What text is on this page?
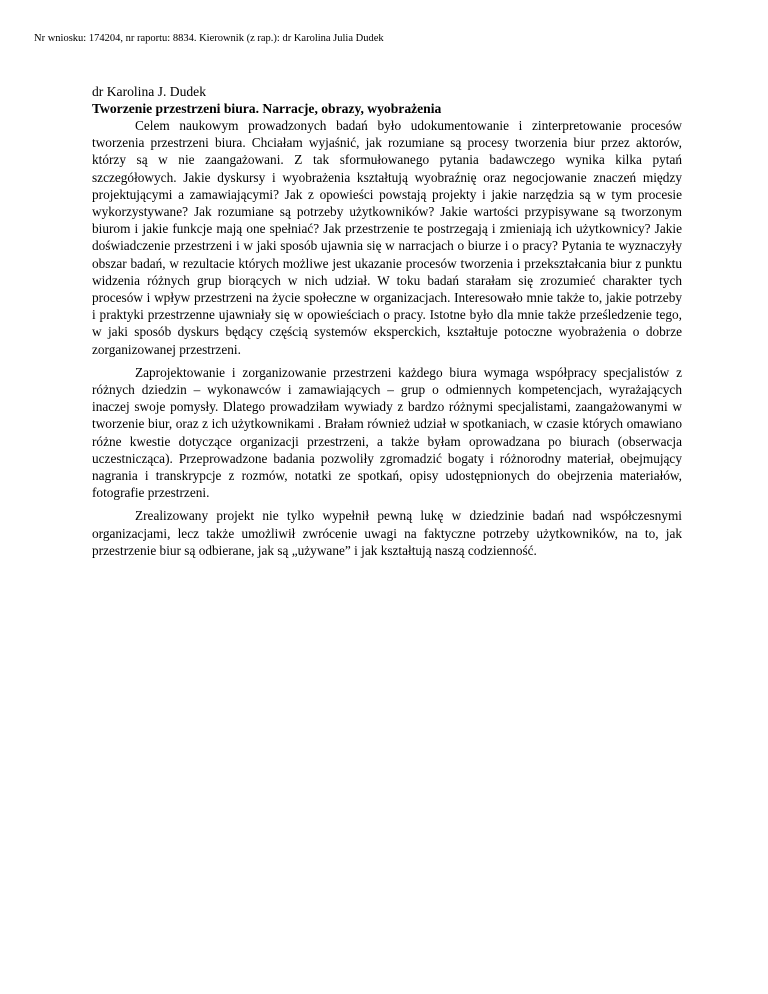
Nr wniosku: 174204, nr raportu: 8834. Kierownik (z rap.): dr Karolina Julia Dudek

dr Karolina J. Dudek

Tworzenie przestrzeni biura. Narracje, obrazy, wyobrażenia

Celem naukowym prowadzonych badań było udokumentowanie i zinterpretowanie procesów tworzenia przestrzeni biura. Chciałam wyjaśnić, jak rozumiane są procesy tworzenia biur przez aktorów, którzy są w nie zaangażowani. Z tak sformułowanego pytania badawczego wynika kilka pytań szczegółowych. Jakie dyskursy i wyobrażenia kształtują wyobraźnię oraz negocjowanie znaczeń między projektującymi a zamawiającymi? Jak z opowieści powstają projekty i jakie narzędzia są w tym procesie wykorzystywane? Jak rozumiane są potrzeby użytkowników? Jakie wartości przypisywane są tworzonym biurom i jakie funkcje mają one spełniać? Jak przestrzenie te postrzegają i zmieniają ich użytkownicy? Jakie doświadczenie przestrzeni i w jaki sposób ujawnia się w narracjach o biurze i o pracy? Pytania te wyznaczyły obszar badań, w rezultacie których możliwe jest ukazanie procesów tworzenia i przekształcania biur z punktu widzenia różnych grup biorących w nich udział. W toku badań starałam się zrozumieć charakter tych procesów i wpływ przestrzeni na życie społeczne w organizacjach. Interesowało mnie także to, jakie potrzeby i praktyki przestrzenne ujawniały się w opowieściach o pracy. Istotne było dla mnie także prześledzenie tego, w jaki sposób dyskurs będący częścią systemów eksperckich, kształtuje potoczne wyobrażenia o dobrze zorganizowanej przestrzeni.

Zaprojektowanie i zorganizowanie przestrzeni każdego biura wymaga współpracy specjalistów z różnych dziedzin – wykonawców i zamawiających – grup o odmiennych kompetencjach, wyrażających inaczej swoje pomysły. Dlatego prowadziłam wywiady z bardzo różnymi specjalistami, zaangażowanymi w tworzenie biur, oraz z ich użytkownikami . Brałam również udział w spotkaniach, w czasie których omawiano różne kwestie dotyczące organizacji przestrzeni, a także byłam oprowadzana po biurach (obserwacja uczestnicząca). Przeprowadzone badania pozwoliły zgromadzić bogaty i różnorodny materiał, obejmujący nagrania i transkrypcje z rozmów, notatki ze spotkań, opisy udostępnionych do obejrzenia materiałów, fotografie przestrzeni.

Zrealizowany projekt nie tylko wypełnił pewną lukę w dziedzinie badań nad współczesnymi organizacjami, lecz także umożliwił zwrócenie uwagi na faktyczne potrzeby użytkowników, na to, jak przestrzenie biur są odbierane, jak są „używane” i jak kształtują naszą codzienność.
